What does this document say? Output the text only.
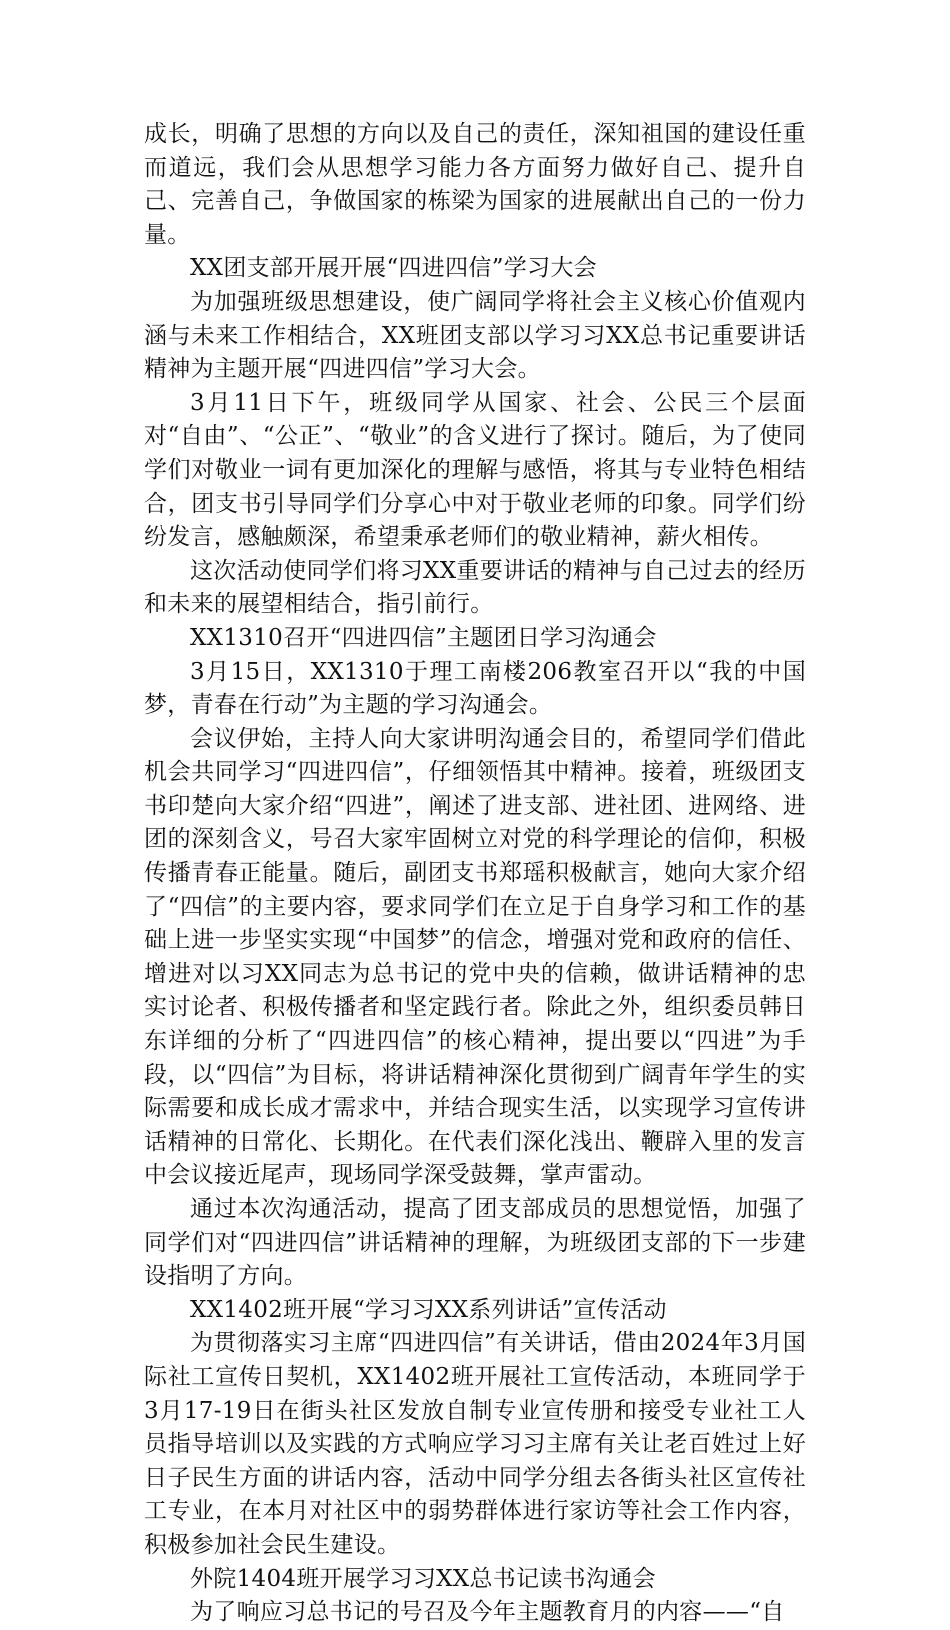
成长，明确了思想的方向以及自己的责任，深知祖国的建设任重而道远，我们会从思想学习能力各方面努力做好自己、提升自己、完善自己，争做国家的栋梁为国家的进展献出自己的一份力量。

XX团支部开展开展“四进四信”学习大会

为加强班级思想建设，使广阔同学将社会主义核心价值观内涵与未来工作相结合，XX班团支部以学习习XX总书记重要讲话精神为主题开展“四进四信”学习大会。

3月11日下午，班级同学从国家、社会、公民三个层面对“自由”、“公正”、“敬业”的含义进行了探讨。随后，为了使同学们对敬业一词有更加深化的理解与感悟，将其与专业特色相结合，团支书引导同学们分享心中对于敬业老师的印象。同学们纷纷发言，感触颇深，希望秉承老师们的敬业精神，薪火相传。

这次活动使同学们将习XX重要讲话的精神与自己过去的经历和未来的展望相结合，指引前行。

XX1310召开“四进四信”主题团日学习沟通会

3月15日，XX1310于理工南楼206教室召开以“我的中国梦，青春在行动”为主题的学习沟通会。

会议伊始，主持人向大家讲明沟通会目的，希望同学们借此机会共同学习“四进四信”，仔细领悟其中精神。接着，班级团支书印楚向大家介绍“四进”，阐述了进支部、进社团、进网络、进团的深刻含义，号召大家牢固树立对党的科学理论的信仰，积极传播青春正能量。随后，副团支书郑瑶积极献言，她向大家介绍了“四信”的主要内容，要求同学们在立足于自身学习和工作的基础上进一步坚实实现“中国梦”的信念，增强对党和政府的信任、增进对以习XX同志为总书记的党中央的信赖，做讲话精神的忠实讨论者、积极传播者和坚定践行者。除此之外，组织委员韩日东详细的分析了“四进四信”的核心精神，提出要以“四进”为手段，以“四信”为目标，将讲话精神深化贯彻到广阔青年学生的实际需要和成长成才需求中，并结合现实生活，以实现学习宣传讲话精神的日常化、长期化。在代表们深化浅出、鞭辟入里的发言中会议接近尾声，现场同学深受鼓舞，掌声雷动。

通过本次沟通活动，提高了团支部成员的思想觉悟，加强了同学们对“四进四信”讲话精神的理解，为班级团支部的下一步建设指明了方向。

XX1402班开展“学习习XX系列讲话”宣传活动

为贯彻落实习主席“四进四信”有关讲话，借由2024年3月国际社工宣传日契机，XX1402班开展社工宣传活动，本班同学于3月17-19日在街头社区发放自制专业宣传册和接受专业社工人员指导培训以及实践的方式响应学习习主席有关让老百姓过上好日子民生方面的讲话内容，活动中同学分组去各街头社区宣传社工专业，在本月对社区中的弱势群体进行家访等社会工作内容，积极参加社会民生建设。

外院1404班开展学习习XX总书记读书沟通会

为了响应习总书记的号召及今年主题教育月的内容——“自
